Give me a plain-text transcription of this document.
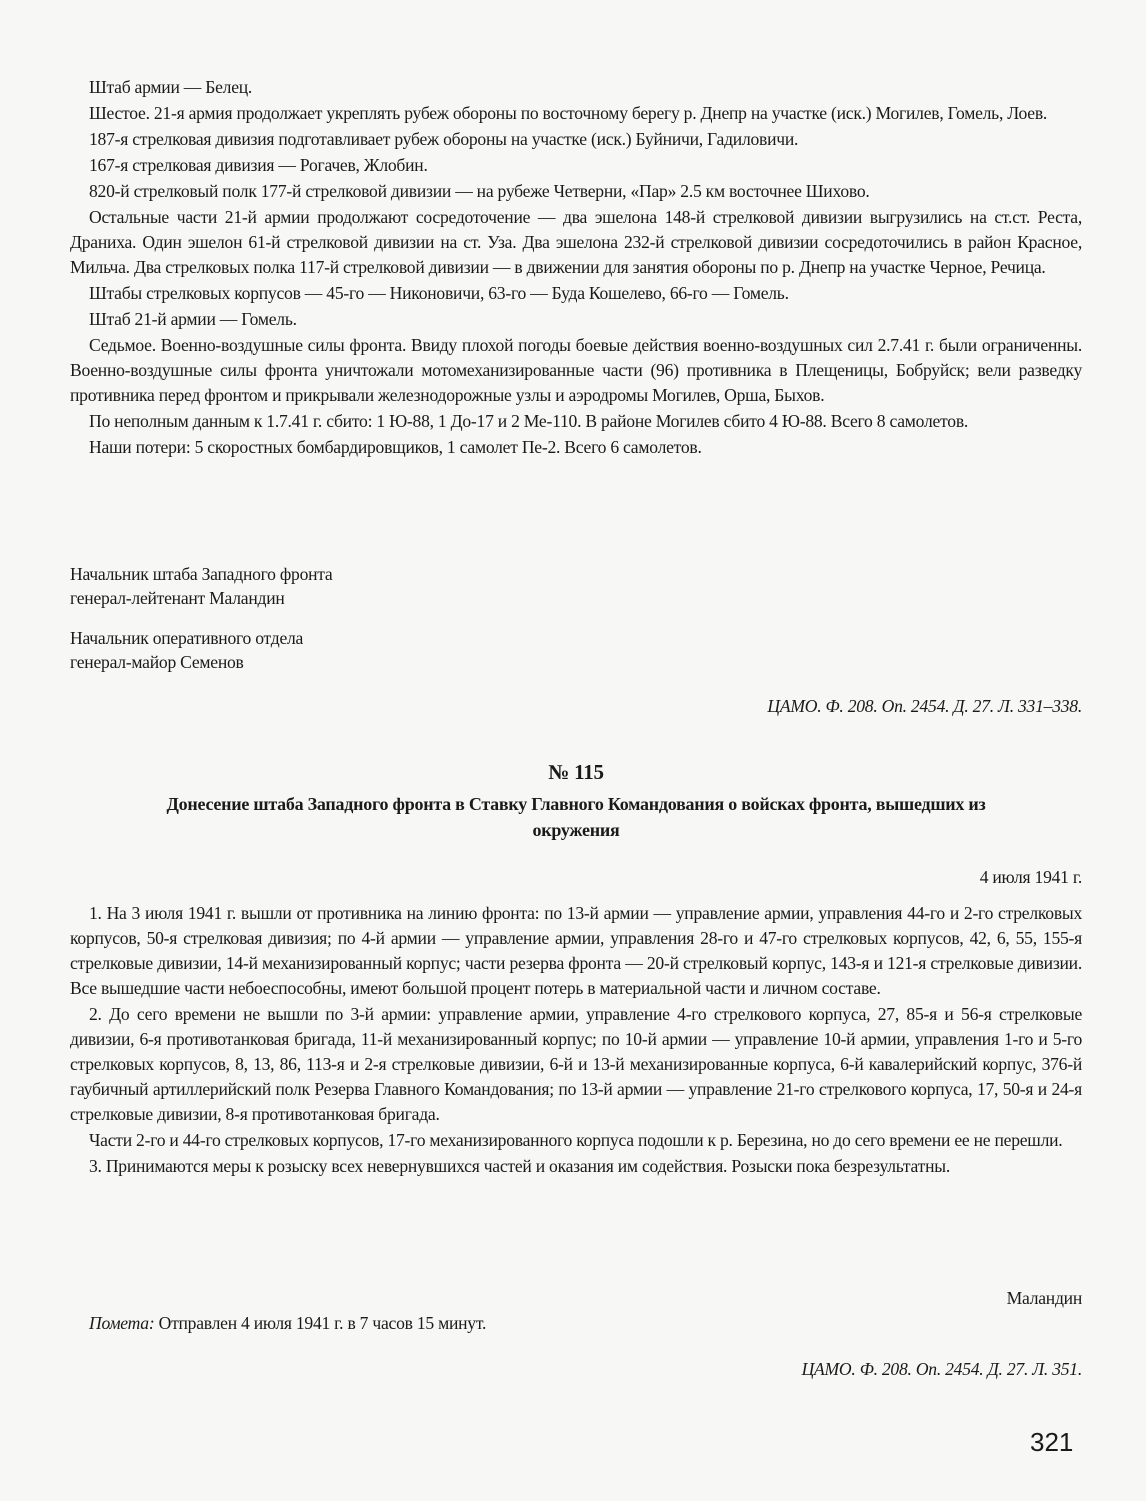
Штаб армии — Белец.

Шестое. 21-я армия продолжает укреплять рубеж обороны по восточному берегу р. Днепр на участке (иск.) Могилев, Гомель, Лоев.

187-я стрелковая дивизия подготавливает рубеж обороны на участке (иск.) Буйничи, Гадиловичи.

167-я стрелковая дивизия — Рогачев, Жлобин.

820-й стрелковый полк 177-й стрелковой дивизии — на рубеже Четверни, «Пар» 2.5 км восточнее Шихово.

Остальные части 21-й армии продолжают сосредоточение — два эшелона 148-й стрелковой дивизии выгрузились на ст.ст. Реста, Драниха. Один эшелон 61-й стрелковой дивизии на ст. Уза. Два эшелона 232-й стрелковой дивизии сосредоточились в район Красное, Мильча. Два стрелковых полка 117-й стрелковой дивизии — в движении для занятия обороны по р. Днепр на участке Черное, Речица.

Штабы стрелковых корпусов — 45-го — Никоновичи, 63-го — Буда Кошелево, 66-го — Гомель.

Штаб 21-й армии — Гомель.

Седьмое. Военно-воздушные силы фронта. Ввиду плохой погоды боевые действия военно-воздушных сил 2.7.41 г. были ограниченны. Военно-воздушные силы фронта уничтожали мотомеханизированные части (96) противника в Плещеницы, Бобруйск; вели разведку противника перед фронтом и прикрывали железнодорожные узлы и аэродромы Могилев, Орша, Быхов.

По неполным данным к 1.7.41 г. сбито: 1 Ю-88, 1 До-17 и 2 Ме-110. В районе Могилев сбито 4 Ю-88. Всего 8 самолетов.

Наши потери: 5 скоростных бомбардировщиков, 1 самолет Пе-2. Всего 6 самолетов.

Начальник штаба Западного фронта

генерал-лейтенант Маландин

Начальник оперативного отдела

генерал-майор Семенов

ЦАМО. Ф. 208. Оп. 2454. Д. 27. Л. 331–338.
№ 115
Донесение штаба Западного фронта в Ставку Главного Командования о войсках фронта, вышедших из окружения
4 июля 1941 г.

1. На 3 июля 1941 г. вышли от противника на линию фронта: по 13-й армии — управление армии, управления 44-го и 2-го стрелковых корпусов, 50-я стрелковая дивизия; по 4-й армии — управление армии, управления 28-го и 47-го стрелковых корпусов, 42, 6, 55, 155-я стрелковые дивизии, 14-й механизированный корпус; части резерва фронта — 20-й стрелковый корпус, 143-я и 121-я стрелковые дивизии. Все вышедшие части небоеспособны, имеют большой процент потерь в материальной части и личном составе.

2. До сего времени не вышли по 3-й армии: управление армии, управление 4-го стрелкового корпуса, 27, 85-я и 56-я стрелковые дивизии, 6-я противотанковая бригада, 11-й механизированный корпус; по 10-й армии — управление 10-й армии, управления 1-го и 5-го стрелковых корпусов, 8, 13, 86, 113-я и 2-я стрелковые дивизии, 6-й и 13-й механизированные корпуса, 6-й кавалерийский корпус, 376-й гаубичный артиллерийский полк Резерва Главного Командования; по 13-й армии — управление 21-го стрелкового корпуса, 17, 50-я и 24-я стрелковые дивизии, 8-я противотанковая бригада.

Части 2-го и 44-го стрелковых корпусов, 17-го механизированного корпуса подошли к р. Березина, но до сего времени ее не перешли.

3. Принимаются меры к розыску всех невернувшихся частей и оказания им содействия. Розыски пока безрезультатны.

Маландин
Помета: Отправлен 4 июля 1941 г. в 7 часов 15 минут.
ЦАМО. Ф. 208. Оп. 2454. Д. 27. Л. 351.
321
